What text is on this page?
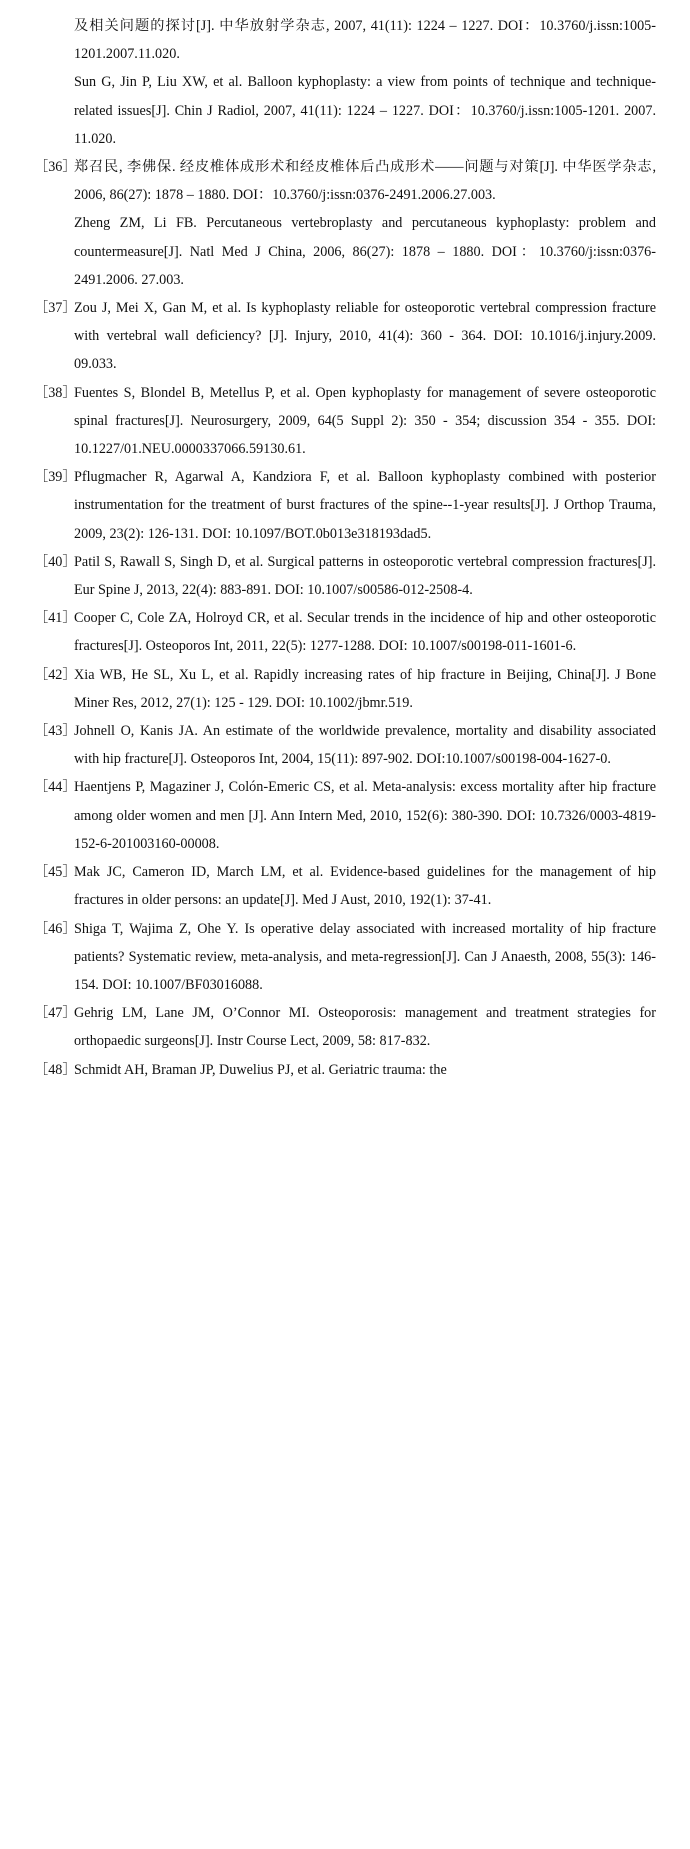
及相关问题的探讨[J]. 中华放射学杂志, 2007, 41(11): 1224 – 1227. DOI：10.3760/j.issn:1005-1201.2007.11.020.
Sun G, Jin P, Liu XW, et al. Balloon kyphoplasty: a view from points of technique and technique-related issues[J]. Chin J Radiol, 2007, 41(11): 1224 – 1227. DOI：10.3760/j.issn:1005-1201. 2007. 11.020.
［36］
郑召民, 李佛保. 经皮椎体成形术和经皮椎体后凸成形术——问题与对策[J]. 中华医学杂志, 2006, 86(27): 1878 – 1880. DOI：10.3760/j:issn:0376-2491.2006.27.003.
Zheng ZM, Li FB. Percutaneous vertebroplasty and percutaneous kyphoplasty: problem and countermeasure[J]. Natl Med J China, 2006, 86(27): 1878 – 1880. DOI：10.3760/j:issn:0376-2491.2006. 27.003.
［37］
Zou J, Mei X, Gan M, et al. Is kyphoplasty reliable for osteoporotic vertebral compression fracture with vertebral wall deficiency? [J]. Injury, 2010, 41(4): 360 - 364. DOI: 10.1016/j.injury.2009. 09.033.
［38］
Fuentes S, Blondel B, Metellus P, et al. Open kyphoplasty for management of severe osteoporotic spinal fractures[J]. Neurosurgery, 2009, 64(5 Suppl 2): 350 - 354; discussion 354 - 355. DOI: 10.1227/01.NEU.0000337066.59130.61.
［39］
Pflugmacher R, Agarwal A, Kandziora F, et al. Balloon kyphoplasty combined with posterior instrumentation for the treatment of burst fractures of the spine--1-year results[J]. J Orthop Trauma, 2009, 23(2): 126-131. DOI: 10.1097/BOT.0b013e318193dad5.
［40］
Patil S, Rawall S, Singh D, et al. Surgical patterns in osteoporotic vertebral compression fractures[J]. Eur Spine J, 2013, 22(4): 883-891. DOI: 10.1007/s00586-012-2508-4.
［41］
Cooper C, Cole ZA, Holroyd CR, et al. Secular trends in the incidence of hip and other osteoporotic fractures[J]. Osteoporos Int, 2011, 22(5): 1277-1288. DOI: 10.1007/s00198-011-1601-6.
［42］
Xia WB, He SL, Xu L, et al. Rapidly increasing rates of hip fracture in Beijing, China[J]. J Bone Miner Res, 2012, 27(1): 125 - 129. DOI: 10.1002/jbmr.519.
［43］
Johnell O, Kanis JA. An estimate of the worldwide prevalence, mortality and disability associated with hip fracture[J]. Osteoporos Int, 2004, 15(11): 897-902. DOI:10.1007/s00198-004-1627-0.
［44］
Haentjens P, Magaziner J, Colón-Emeric CS, et al. Meta-analysis: excess mortality after hip fracture among older women and men [J]. Ann Intern Med, 2010, 152(6): 380-390. DOI: 10.7326/0003-4819-152-6-201003160-00008.
［45］
Mak JC, Cameron ID, March LM, et al. Evidence-based guidelines for the management of hip fractures in older persons: an update[J]. Med J Aust, 2010, 192(1): 37-41.
［46］
Shiga T, Wajima Z, Ohe Y. Is operative delay associated with increased mortality of hip fracture patients? Systematic review, meta-analysis, and meta-regression[J]. Can J Anaesth, 2008, 55(3): 146-154. DOI: 10.1007/BF03016088.
［47］
Gehrig LM, Lane JM, O’Connor MI. Osteoporosis: management and treatment strategies for orthopaedic surgeons[J]. Instr Course Lect, 2009, 58: 817-832.
［48］
Schmidt AH, Braman JP, Duwelius PJ, et al. Geriatric trauma: the
